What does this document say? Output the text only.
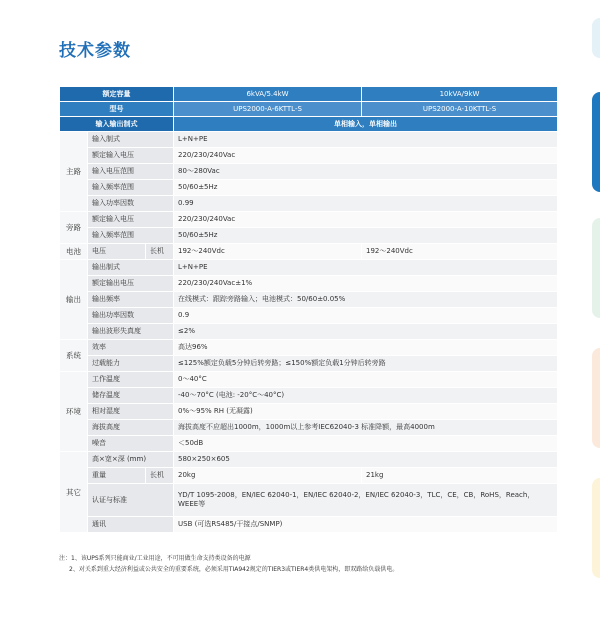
技术参数
额定容量			6kVA/5.4kW	10kVA/9kW
型号			UPS2000-A-6KTTL-S	UPS2000-A-10KTTL-S
输入输出制式			单相输入，单相输出	
主路	输入制式		L+N+PE	
	额定输入电压		220/230/240Vac	
	输入电压范围		80～280Vac	
	输入频率范围		50/60±5Hz	
	输入功率因数		0.99	
旁路	额定输入电压		220/230/240Vac	
	输入频率范围		50/60±5Hz	
电池	电压	长机	192～240Vdc	192～240Vdc
输出	输出制式		L+N+PE	
	额定输出电压		220/230/240Vac±1%	
	输出频率		在线模式：跟踪旁路输入；电池模式：50/60±0.05%	
	输出功率因数		0.9	
	输出波形失真度		≤2%	
系统	效率		高达96%	
	过载能力		≤125%额定负载5分钟后转旁路；≤150%额定负载1分钟后转旁路	
环境	工作温度		0～40°C	
	储存温度		-40～70°C (电池: -20°C～40°C)	
	相对湿度		0%～95% RH (无凝露)	
	海拔高度		海拔高度不应超出1000m，1000m以上参考IEC62040-3 标准降额，最高4000m	
	噪音		＜50dB	
其它	高×宽×深 (mm)		580×250×605	
	重量	长机	20kg	21kg
	认证与标准		YD/T 1095-2008，EN/IEC 62040-1，EN/IEC 62040-2，EN/IEC 62040-3，TLC，CE，CB，RoHS，Reach，WEEE等	
	通讯		USB (可选RS485/干接点/SNMP)	
注：1、该UPS系列只能商业/工业用途，不可用做生命支持类设备的电源
2、对关系到重大经济利益或公共安全的重要系统，必须采用TIA942规定的TIER3或TIER4类供电架构，即双路给负载供电。
